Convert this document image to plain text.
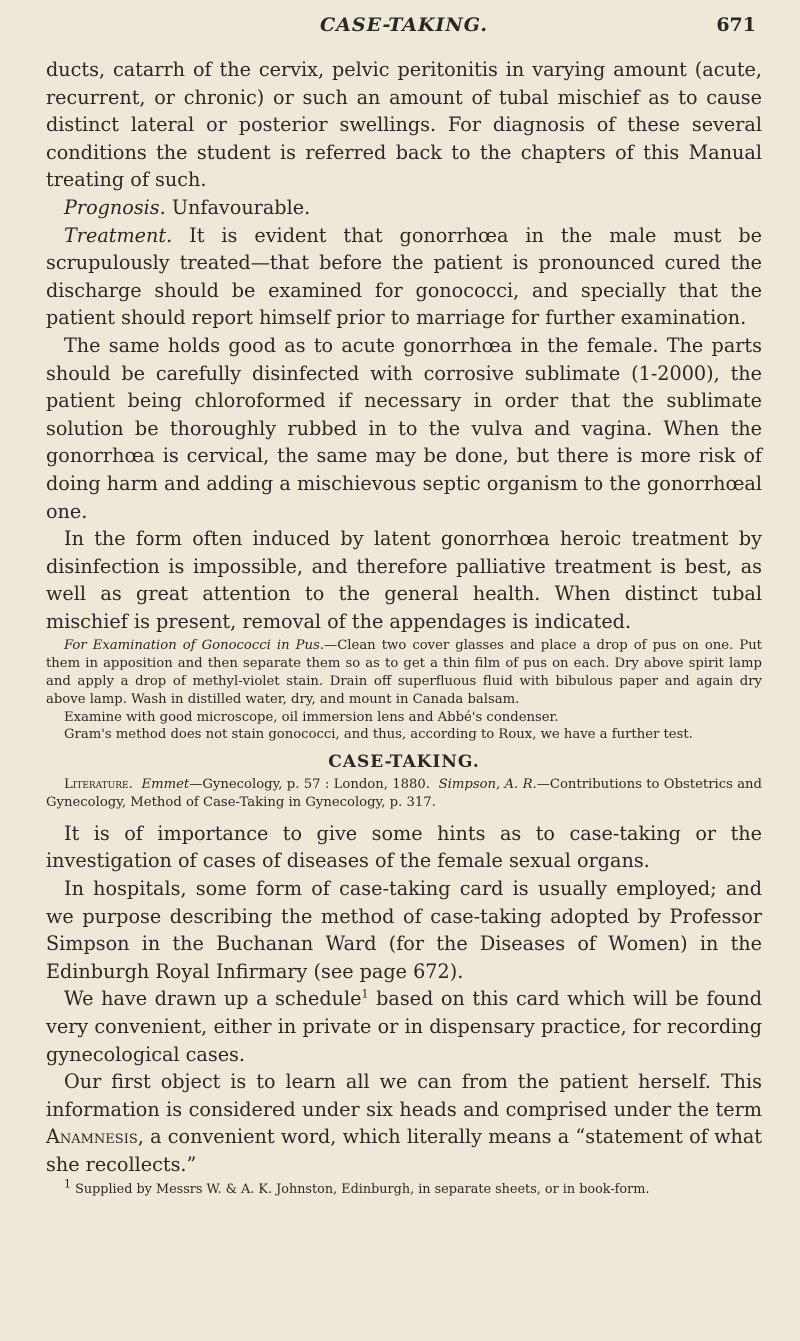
CASE-TAKING.	671

ducts, catarrh of the cervix, pelvic peritonitis in varying amount (acute, recurrent, or chronic) or such an amount of tubal mischief as to cause distinct lateral or posterior swellings. For diagnosis of these several conditions the student is referred back to the chapters of this Manual treating of such.

Prognosis. Unfavourable.

Treatment. It is evident that gonorrhœa in the male must be scrupulously treated—that before the patient is pronounced cured the discharge should be examined for gonococci, and specially that the patient should report himself prior to marriage for further examination.

The same holds good as to acute gonorrhœa in the female. The parts should be carefully disinfected with corrosive sublimate (1-2000), the patient being chloroformed if necessary in order that the sublimate solution be thoroughly rubbed in to the vulva and vagina. When the gonorrhœa is cervical, the same may be done, but there is more risk of doing harm and adding a mischievous septic organism to the gonorrhœal one.

In the form often induced by latent gonorrhœa heroic treatment by disinfection is impossible, and therefore palliative treatment is best, as well as great attention to the general health. When distinct tubal mischief is present, removal of the appendages is indicated.

For Examination of Gonococci in Pus.—Clean two cover glasses and place a drop of pus on one. Put them in apposition and then separate them so as to get a thin film of pus on each. Dry above spirit lamp and apply a drop of methyl-violet stain. Drain off superfluous fluid with bibulous paper and again dry above lamp. Wash in distilled water, dry, and mount in Canada balsam.

Examine with good microscope, oil immersion lens and Abbé's condenser.

Gram's method does not stain gonococci, and thus, according to Roux, we have a further test.

CASE-TAKING.

Literature. Emmet—Gynecology, p. 57 : London, 1880. Simpson, A. R.—Contributions to Obstetrics and Gynecology, Method of Case-Taking in Gynecology, p. 317.

It is of importance to give some hints as to case-taking or the investigation of cases of diseases of the female sexual organs.

In hospitals, some form of case-taking card is usually employed; and we purpose describing the method of case-taking adopted by Professor Simpson in the Buchanan Ward (for the Diseases of Women) in the Edinburgh Royal Infirmary (see page 672).

We have drawn up a schedule$^1$ based on this card which will be found very convenient, either in private or in dispensary practice, for recording gynecological cases.

Our first object is to learn all we can from the patient herself. This information is considered under six heads and comprised under the term Anamnesis, a convenient word, which literally means a “statement of what she recollects.”

$^1$ Supplied by Messrs W. & A. K. Johnston, Edinburgh, in separate sheets, or in book-form.
